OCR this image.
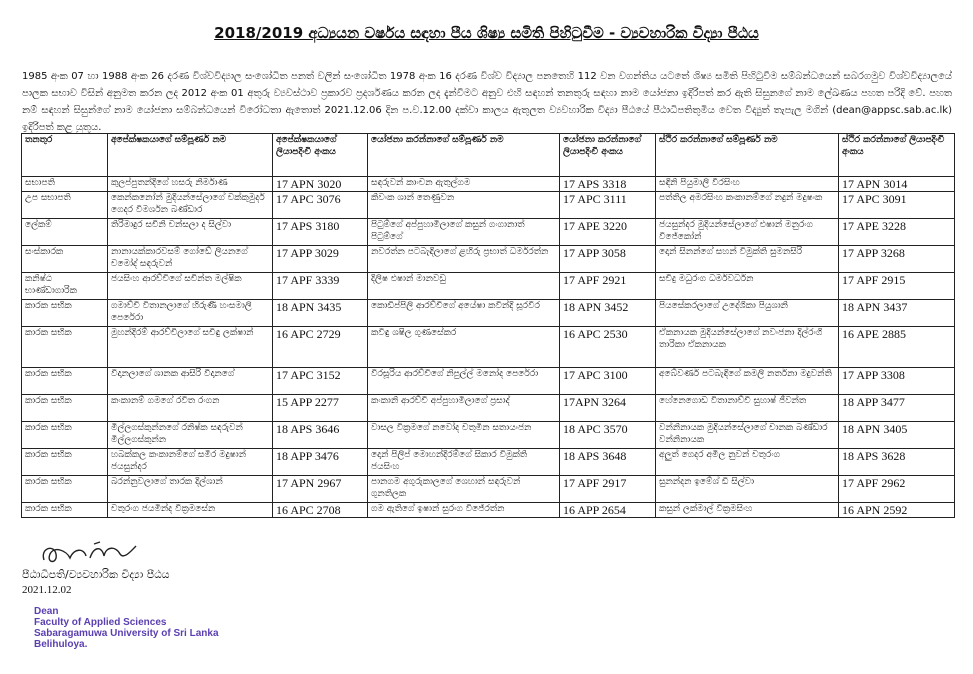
2018/2019 අධ්‍යයන වර්ෂය සඳහා පීය ශිෂ්‍ය සමිති පිහිටුවීම - ව්‍යවහාරික විද්‍යා පීඨය
1985 අංක 07 හා 1988 අංක 26 දරණ විශ්වවිද්‍යාල සංශෝධිත පනත් වලින් සංශෝධිත 1978 අංක 16 දරණ විශ්ව විද්‍යාල පනතෙහි 112 වන වගන්තිය යටතේ ශිෂ්‍ය සමිති පිහිටුවීම සම්බන්ධයෙන් සබරගමුව විශ්වවිද්‍යාලයේ පාලක සභාව විසින් අනුමත කරන ලද 2012 අංක 01 අතුරු ව්‍යවස්ථාව ප්‍රකාරව ප්‍රදර්ශණය කරන ලද දැන්වීමට අනුව එහි සඳහන් තනතුරු සඳහා නාම යෝජනා ඉදිරිපත් කර ඇති සිසුනගේ නාම ලේඛණය පහත පරිදි වේ. පහත නම් සඳහන් සිසුන්ගේ නාම යෝජනා සම්බන්ධයෙන් විරෝධතා ඇතොත් 2021.12.06 දින ප.ව.12.00 දක්වා කාලය ඇතුලත ව්‍යවහාරික විද්‍යා පීඨයේ පීඨාධිපතිතුමිය වෙත විද්‍යුත් තැපැල මගින් (dean@appsc.sab.ac.lk) ඉදිරිපත් කළ යුතුය.
තනතුර	අපේක්ෂකයාගේ සම්පූර්ණ නම	අපේක්ෂකයාගේ ලියාපදිංචි අංකය	යෝජනා කරන්නාගේ සම්පූර්ණ නම	යෝජනා කරන්නාගේ ලියාපදිංචි අංකය	ස්ථිර කරන්නාගේ සම්පූර්ණ නම	ස්ථිර කරන්නාගේ ලියාපදිංචි අංකය
සභාපති	කුලප්පුතන්දිගේ හසරු නිර්මාණ	17 APN 3020	සඳරුවන් කාංචන ඇතුල්ගම	17 APS 3318	සඳිනි පියුමාලි වීරසිංහ	17 APN 3014
උප සභාපති	කෙන්කනෝන් මුදියන්සේලාගේ චක්කුමුදර් ගෙදර විමර්ශන බණ්ඩාර	17 APC 3076	කිවංක ශාන් තෙණුවන	17 APC 3111	පත්තිල අමරසිංහ කංකානම්ගේ නදුන් මදුෂංක	17 APC 3091
ලේකම්	තිරිමාදුර සචිනි චන්සලා ද සිල්වා	17 APS 3180	පිටුම්ගේ අප්පුහාමිලාගේ කසුන් ගංගානාත් පිටුම්ගේ	17 APE 3220	ජයසුන්දර මුදියන්සේලාගේ එෂාන් මනුරංග විජේකෝන්	17 APE 3228
සංස්කාරක	නානායක්කාරවසම් ගෝඩේ ලියනගේ චමෝද් සඳරුවන්	17 APP 3029	නවරත්න පටබැඳිලාගේ ළහිරු ප්‍රභාත් ධර්මරත්න	17 APP 3058	දොන් සිනන්ගේ සහන් විමුක්ති සුමනසිරි	17 APP 3268
කනිෂ්ඨ භාණ්ඩාගාරික	ජයසිංහ ආරච්චිගේ සචින්ත මල්ෂික	17 APF 3339	දිලිෂ එෂාන් මානවඩු	17 APF 2921	සචිදු මධුරංග ධර්මවර්ධන	17 APF 2915
කාරක සභික	ගමාච්චි විතානලාගේ හිරුණි හංසමාලි පෙරේරා	18 APN 3435	කොඩිප්පිලි ආරච්චිගේ අයේෂා කවින්දි සූරවීර	18 APN 3452	පියසේකරලාගේ උදේශිකා පියුශානි	18 APN 3437
කාරක සභික	මුහන්දිරම් ආරච්චිලාගේ සචිඳු ලක්ෂාන්	16 APC 2729	කවිඳු ශෂිල ගුණසේකර	16 APC 2530	ඒකනායක මුදියන්සේලාගේ නවංජනා දිල්රංගි තාරිකා ඒකනායක	16 APE 2885
කාරක සභික	විදානලාගේ ශානක ආසිරි විදානගේ	17 APC 3152	විරසූරිය ආරච්චිගේ නිපුල්ල් මනෝද පෙරේරා	17 APC 3100	අබේවර්ණ පටබැඳිගේ කමලි නර්තනා මදුවන්ති	17 APP 3308
කාරක සභික	කංකානම් ගමගේ රවිත රංගන	15 APP 2277	කංකානි ආරච්චි අප්පුහාමිලාගේ ප්‍රසාද්	17APN 3264	හේනෙගොඩ විතානාච්චි සුහාෂ් ජීවන්ත	18 APP 3477
කාරක සභික	මිල්ලගස්කුන්නගේ රනිෂ්ක සඳරුවන් මිල්ලගස්කුන්න	18 APS 3646	වාසල වික්‍රමගේ නවෝද චතුමින සතායංජන	18 APC 3570	වන්නිනායක මුදියන්සේලාගේ චානක බණ්ඩාර වන්නිනායක	18 APN 3405
කාරක සභික	හබක්කල කංකානම්ගේ සමීර මදුෂාන් ජයසුන්දර	18 APP 3476	දොන් පිලිප් මොහන්දිරම්ගේ සිකාර විමුක්ති ජයසිංහ	18 APS 3648	අලුත් ගෙදර අමිල නුවන් චතුරංග	18 APS 3628
කාරක සභික	බරන්නුවලාගේ තාරක දිල්ශාන්	17 APN 2967	පානගම අගුරුකාලගේ ශෙහාන් සඳරුවන් ගුනතිලක	17 APF 2917	සුනන්දන ඉමේශ් ඩි සිල්වා	17 APF 2962
කාරක සභික	චතුරංග ජයමින්ද වික්‍රමසේන	16 APC 2708	ගම ඇතිගේ ඉෂාන් සුරංග විජේරත්න	16 APP 2654	කසුන් ලක්මාල් වික්‍රමසිංහ	16 APN 2592
පීඨාධිපති/ව්‍යවහාරික විද්‍යා පීඨය
2021.12.02
Dean
Faculty of Applied Sciences
Sabaragamuwa University of Sri Lanka
Belihuloya.
